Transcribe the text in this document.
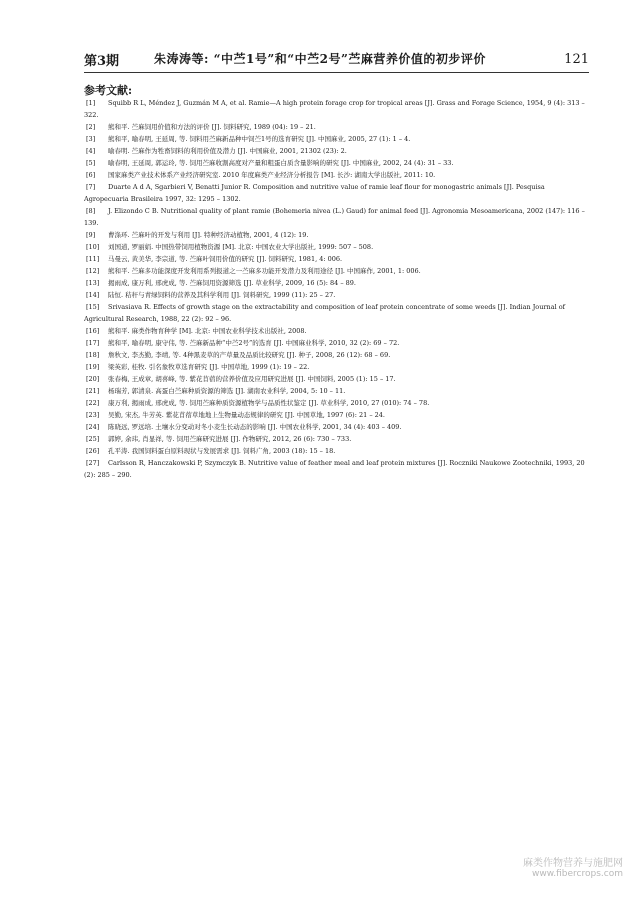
第3期	朱涛涛等: “中苎1号”和“中苎2号”苎麻营养价值的初步评价	121
参考文献:
[1] Squibb R L, Méndez J, Guzmán M A, et al. Ramie—A high protein forage crop for tropical areas [J]. Grass and Forage Science, 1954, 9 (4): 313 – 322.
[2] 熊和平. 苎麻饲用价值和方法的评价 [J]. 饲料研究, 1989 (04): 19 – 21.
[3] 熊和平, 喻春明, 王延周, 等. 饲料用苎麻新品种中饲苎1号的选育研究 [J]. 中国麻业, 2005, 27 (1): 1 – 4.
[4] 喻春明. 苎麻作为牲畜饲料的利用价值及潜力 [J]. 中国麻业, 2001, 21302 (23): 2.
[5] 喻春明, 王延周, 郭运玲, 等. 饲用苎麻收割高度对产量和粗蛋白质含量影响的研究 [J]. 中国麻业, 2002, 24 (4): 31 – 33.
[6] 国家麻类产业技术体系产业经济研究室. 2010 年度麻类产业经济分析报告 [M]. 长沙: 湖南大学出版社, 2011: 10.
[7] Duarte A d A, Sgarbieri V, Benatti Junior R. Composition and nutritive value of ramie leaf flour for monogastric animals [J]. Pesquisa Agropecuaria Brasileira 1997, 32: 1295 – 1302.
[8] J. Elizondo C B. Nutritional quality of plant ramie (Bohemeria nivea (L.) Gaud) for animal feed [J]. Agronomia Mesoamericana, 2002 (147): 116 – 139.
[9] 曹涤环. 苎麻叶的开发与利用 [J]. 特种经济动植物, 2001, 4 (12): 19.
[10] 刘国道, 罗丽娟. 中国热带饲用植物资源 [M]. 北京: 中国农业大学出版社, 1999: 507 – 508.
[11] 马曼云, 黄美华, 李宗道, 等. 苎麻叶饲用价值的研究 [J]. 饲料研究, 1981, 4: 006.
[12] 熊和平. 苎麻多功能深度开发利用系列报道之一苎麻多功能开发潜力及利用途径 [J]. 中国麻作, 2001, 1: 006.
[13] 揭雨成, 康万利, 邢虎成, 等. 苎麻饲用资源筛选 [J]. 草业科学, 2009, 16 (5): 84 – 89.
[14] 陆恒. 秸秆与青绿饲料的营养及其科学利用 [J]. 饲料研究, 1999 (11): 25 – 27.
[15] Srivasiava R. Effects of growth stage on the extractability and composition of leaf protein concentrate of some weeds [J]. Indian Journal of Agricultural Research, 1988, 22 (2): 92 – 96.
[16] 熊和平. 麻类作物育种学 [M]. 北京: 中国农业科学技术出版社, 2008.
[17] 熊和平, 喻春明, 康守伟, 等. 苎麻新品种“中苎2号”的选育 [J]. 中国麻业科学, 2010, 32 (2): 69 – 72.
[18] 詹秋文, 李杰勤, 李靖, 等. 4种黑麦草的产草量及品质比较研究 [J]. 种子, 2008, 26 (12): 68 – 69.
[19] 梁英彩, 桂牧. 引名象牧草选育研究 [J]. 中国草地, 1999 (1): 19 – 22.
[20] 张春梅, 王成章, 胡喜峰, 等. 紫花苜蓿的营养价值及应用研究进展 [J]. 中国饲料, 2005 (1): 15 – 17.
[21] 杨瑞芳, 郭清泉. 高蛋白苎麻种质资源的筛选 [J]. 湖南农业科学, 2004, 5: 10 – 11.
[22] 康万利, 揭雨成, 邢虎成, 等. 饲用苎麻种质资源植物学与品质性状鉴定 [J]. 草业科学, 2010, 27 (010): 74 – 78.
[23] 吴勤, 宋杰, 牛芳英. 紫花苜蓿草地地上生物量动态规律的研究 [J]. 中国草地, 1997 (6): 21 – 24.
[24] 陈晓远, 罗远培. 土壤水分变动对冬小麦生长动态的影响 [J]. 中国农业科学, 2001, 34 (4): 403 – 409.
[25] 郭婷, 余玮, 肖显祥, 等. 饲用苎麻研究进展 [J]. 作物研究, 2012, 26 (6): 730 – 733.
[26] 孔平涛. 我国饲料蛋白原料现状与发展需求 [J]. 饲料广角, 2003 (18): 15 – 18.
[27] Carlsson R, Hanczakowski P, Szymczyk B. Nutritive value of feather meal and leaf protein mixtures [J]. Roczniki Naukowe Zootechniki, 1993, 20 (2): 285 – 290.
麻类作物营养与施肥网
www.fibercrops.com
